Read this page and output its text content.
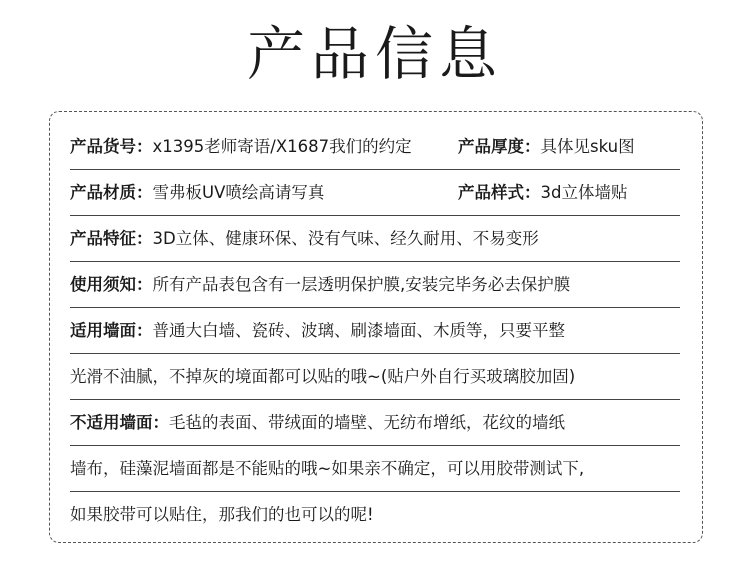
产品信息
产品货号：x1395老师寄语/X1687我们的约定	产品厚度：具体见sku图
产品材质：雪弗板UV喷绘高请写真	产品样式：3d立体墙贴
产品特征：3D立体、健康环保、没有气味、经久耐用、不易变形
使用须知：所有产品表包含有一层透明保护膜,安装完毕务必去保护膜
适用墙面：普通大白墙、瓷砖、波璃、刷漆墙面、木质等，只要平整
光滑不油腻，不掉灰的境面都可以贴的哦~(贴户外自行买玻璃胶加固)
不适用墙面：毛毡的表面、带绒面的墙壁、无纺布增纸，花纹的墙纸
墙布，硅藻泥墙面都是不能贴的哦~如果亲不确定，可以用胶带测试下,
如果胶带可以贴住，那我们的也可以的呢!
